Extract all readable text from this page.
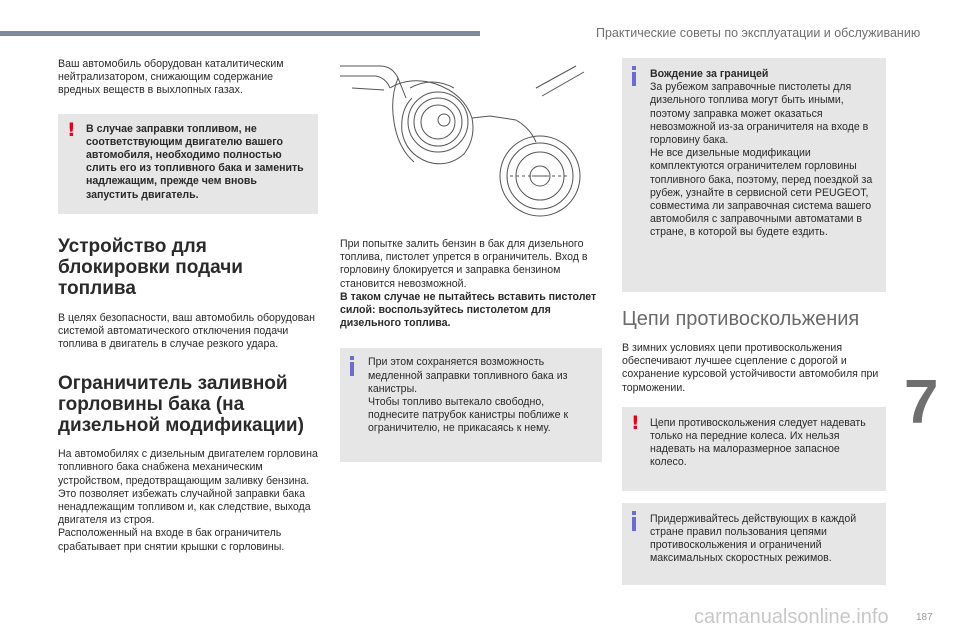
Практические советы по эксплуатации и обслуживанию
7

Ваш автомобиль оборудован каталитическим нейтрализатором, снижающим содержание вредных веществ в выхлопных газах.

! В случае заправки топливом, не соответствующим двигателю вашего автомобиля, необходимо полностью слить его из топливного бака и заменить надлежащим, прежде чем вновь запустить двигатель.

Устройство для блокировки подачи топлива

В целях безопасности, ваш автомобиль оборудован системой автоматического отключения подачи топлива в двигатель в случае резкого удара.

Ограничитель заливной горловины бака (на дизельной модификации)

На автомобилях с дизельным двигателем горловина топливного бака снабжена механическим устройством, предотвращающим заливку бензина. Это позволяет избежать случайной заправки бака ненадлежащим топливом и, как следствие, выхода двигателя из строя.

Расположенный на входе в бак ограничитель срабатывает при снятии крышки с горловины.

При попытке залить бензин в бак для дизельного топлива, пистолет упрется в ограничитель. Вход в горловину блокируется и заправка бензином становится невозможной.

В таком случае не пытайтесь вставить пистолет силой: воспользуйтесь пистолетом для дизельного топлива.

При этом сохраняется возможность медленной заправки топливного бака из канистры.

Чтобы топливо вытекало свободно, поднесите патрубок канистры поближе к ограничителю, не прикасаясь к нему.

Вождение за границей

За рубежом заправочные пистолеты для дизельного топлива могут быть иными, поэтому заправка может оказаться невозможной из-за ограничителя на входе в горловину бака.

Не все дизельные модификации комплектуются ограничителем горловины топливного бака, поэтому, перед поездкой за рубеж, узнайте в сервисной сети PEUGEOT, совместима ли заправочная система вашего автомобиля с заправочными автоматами в стране, в которой вы будете ездить.

Цепи противоскольжения

В зимних условиях цепи противоскольжения обеспечивают лучшее сцепление с дорогой и сохранение курсовой устойчивости автомобиля при торможении.

! Цепи противоскольжения следует надевать только на передние колеса. Их нельзя надевать на малоразмерное запасное колесо.

Придерживайтесь действующих в каждой стране правил пользования цепями противоскольжения и ограничений максимальных скоростных режимов.

carmanualsonline.info	187
